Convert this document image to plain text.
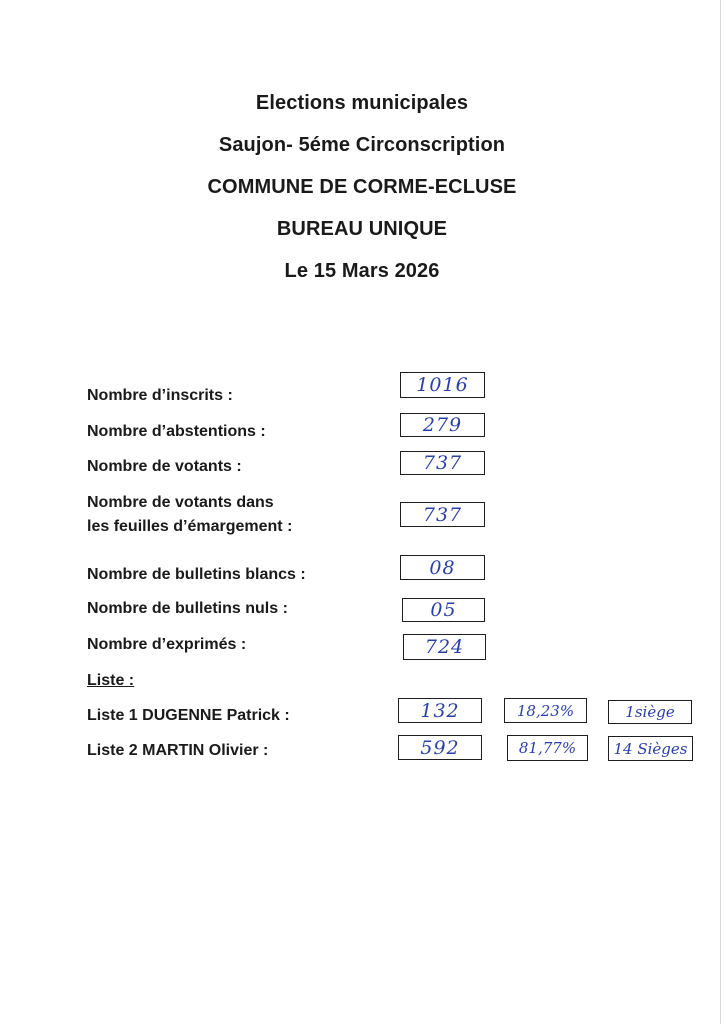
Elections municipales
Saujon- 5éme Circonscription
COMMUNE DE CORME-ECLUSE
BUREAU UNIQUE
Le 15 Mars 2026
Nombre d’inscrits :	1016
Nombre d’abstentions :	279
Nombre de votants :	737
Nombre de votants dans
les feuilles d’émargement :
737
Nombre de bulletins blancs :	08
Nombre de bulletins nuls :	05
Nombre d’exprimés :	724
Liste :
Liste 1 DUGENNE Patrick :	132	18,23%	1siège
Liste 2 MARTIN Olivier :	592	81,77%	14 Sièges
